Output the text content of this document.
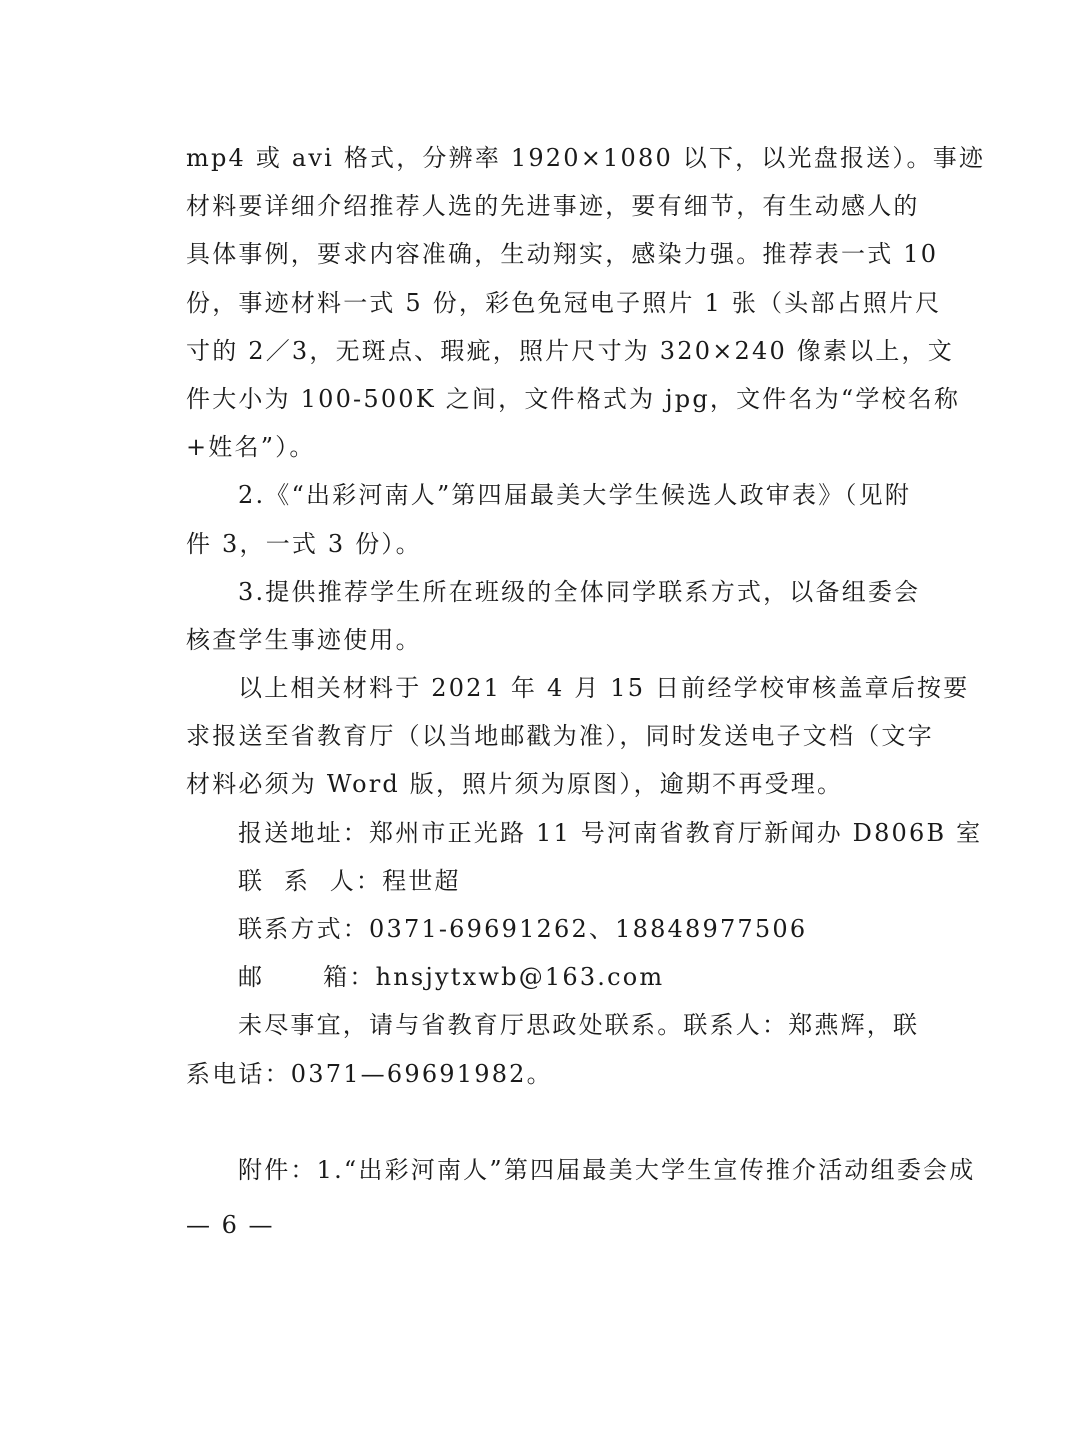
mp4 或 avi 格式，分辨率 1920×1080 以下，以光盘报送）。事迹
材料要详细介绍推荐人选的先进事迹，要有细节，有生动感人的
具体事例，要求内容准确，生动翔实，感染力强。推荐表一式 10
份，事迹材料一式 5 份，彩色免冠电子照片 1 张（头部占照片尺
寸的 2／3，无斑点、瑕疵，照片尺寸为 320×240 像素以上，文
件大小为 100-500K 之间，文件格式为 jpg，文件名为“学校名称
+姓名”）。
2.《“出彩河南人”第四届最美大学生候选人政审表》（见附
件 3，一式 3 份）。
3.提供推荐学生所在班级的全体同学联系方式，以备组委会
核查学生事迹使用。
以上相关材料于 2021 年 4 月 15 日前经学校审核盖章后按要
求报送至省教育厅（以当地邮戳为准），同时发送电子文档（文字
材料必须为 Word 版，照片须为原图），逾期不再受理。
报送地址：郑州市正光路 11 号河南省教育厅新闻办 D806B 室
联  系  人：程世超
联系方式：0371-69691262、18848977506
邮      箱：hnsjytxwb@163.com
未尽事宜，请与省教育厅思政处联系。联系人：郑燕辉，联
系电话：0371—69691982。
附件：1.“出彩河南人”第四届最美大学生宣传推介活动组委会成
— 6 —
